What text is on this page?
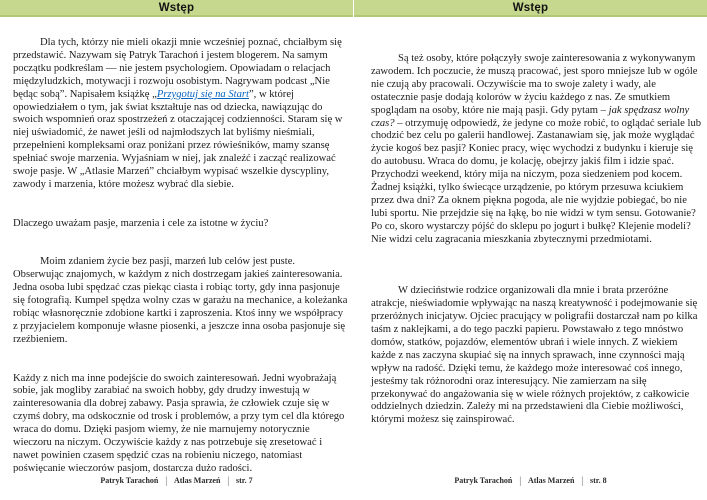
Wstęp

Dla tych, którzy nie mieli okazji mnie wcześniej poznać, chciałbym się przedstawić. Nazywam się Patryk Tarachoń i jestem blogerem. Na samym początku podkreślam — nie jestem psychologiem. Opowiadam o relacjach międzyludzkich, motywacji i rozwoju osobistym. Nagrywam podcast „Nie będąc sobą”. Napisałem książkę „Przygotuj się na Start”, w której opowiedziałem o tym, jak świat kształtuje nas od dziecka, nawiązując do swoich wspomnień oraz spostrzeżeń z otaczającej codzienności. Staram się w niej uświadomić, że nawet jeśli od najmłodszych lat byliśmy nieśmiali, przepełnieni kompleksami oraz poniżani przez rówieśników, mamy szansę spełniać swoje marzenia. Wyjaśniam w niej, jak znaleźć i zacząć realizować swoje pasje. W „Atlasie Marzeń” chciałbym wypisać wszelkie dyscypliny, zawody i marzenia, które możesz wybrać dla siebie.

Dlaczego uważam pasje, marzenia i cele za istotne w życiu?

Moim zdaniem życie bez pasji, marzeń lub celów jest puste. Obserwując znajomych, w każdym z nich dostrzegam jakieś zainteresowania. Jedna osoba lubi spędzać czas piekąc ciasta i robiąc torty, gdy inna pasjonuje się fotografią. Kumpel spędza wolny czas w garażu na mechanice, a koleżanka robiąc własnoręcznie zdobione kartki i zaproszenia. Ktoś inny we współpracy z przyjacielem komponuje własne piosenki, a jeszcze inna osoba pasjonuje się rzeźbieniem.

Każdy z nich ma inne podejście do swoich zainteresowań. Jedni wyobrażają sobie, jak mogliby zarabiać na swoich hobby, gdy drudzy inwestują w zainteresowania dla dobrej zabawy. Pasja sprawia, że człowiek czuje się w czymś dobry, ma odskocznie od trosk i problemów, a przy tym cel dla którego wraca do domu. Dzięki pasjom wiemy, że nie marnujemy notorycznie wieczoru na niczym. Oczywiście każdy z nas potrzebuje się zresetować i nawet powinien czasem spędzić czas na robieniu niczego, natomiast poświęcanie wieczorów pasjom, dostarcza dużo radości.

Patryk Tarachoń | Atlas Marzeń | str. 7
Wstęp

Są też osoby, które połączyły swoje zainteresowania z wykonywanym zawodem. Ich poczucie, że muszą pracować, jest sporo mniejsze lub w ogóle nie czują aby pracowali. Oczywiście ma to swoje zalety i wady, ale ostatecznie pasje dodają kolorów w życiu każdego z nas. Ze smutkiem spoglądam na osoby, które nie mają pasji. Gdy pytam – jak spędzasz wolny czas? – otrzymuję odpowiedź, że jedyne co może robić, to oglądać seriale lub chodzić bez celu po galerii handlowej. Zastanawiam się, jak może wyglądać życie kogoś bez pasji? Koniec pracy, więc wychodzi z budynku i kieruje się do autobusu. Wraca do domu, je kolację, obejrzy jakiś film i idzie spać. Przychodzi weekend, który mija na niczym, poza siedzeniem pod kocem. Żadnej książki, tylko świecące urządzenie, po którym przesuwa kciukiem przez dwa dni? Za oknem piękna pogoda, ale nie wyjdzie pobiegać, bo nie lubi sportu. Nie przejdzie się na łąkę, bo nie widzi w tym sensu. Gotowanie? Po co, skoro wystarczy pójść do sklepu po jogurt i bułkę? Klejenie modeli? Nie widzi celu zagracania mieszkania zbytecznymi przedmiotami.

W dzieciństwie rodzice organizowali dla mnie i brata przeróżne atrakcje, nieświadomie wpływając na naszą kreatywność i podejmowanie się przeróżnych inicjatyw. Ojciec pracujący w poligrafii dostarczał nam po kilka taśm z naklejkami, a do tego paczki papieru. Powstawało z tego mnóstwo domów, statków, pojazdów, elementów ubrań i wiele innych. Z wiekiem każde z nas zaczyna skupiać się na innych sprawach, inne czynności mają wpływ na radość. Dzięki temu, że każdego może interesować coś innego, jesteśmy tak różnorodni oraz interesujący. Nie zamierzam na siłę przekonywać do angażowania się w wiele różnych projektów, z całkowicie oddzielnych dziedzin. Zależy mi na przedstawieni dla Ciebie możliwości, którymi możesz się zainspirować.

Patryk Tarachoń | Atlas Marzeń | str. 8
